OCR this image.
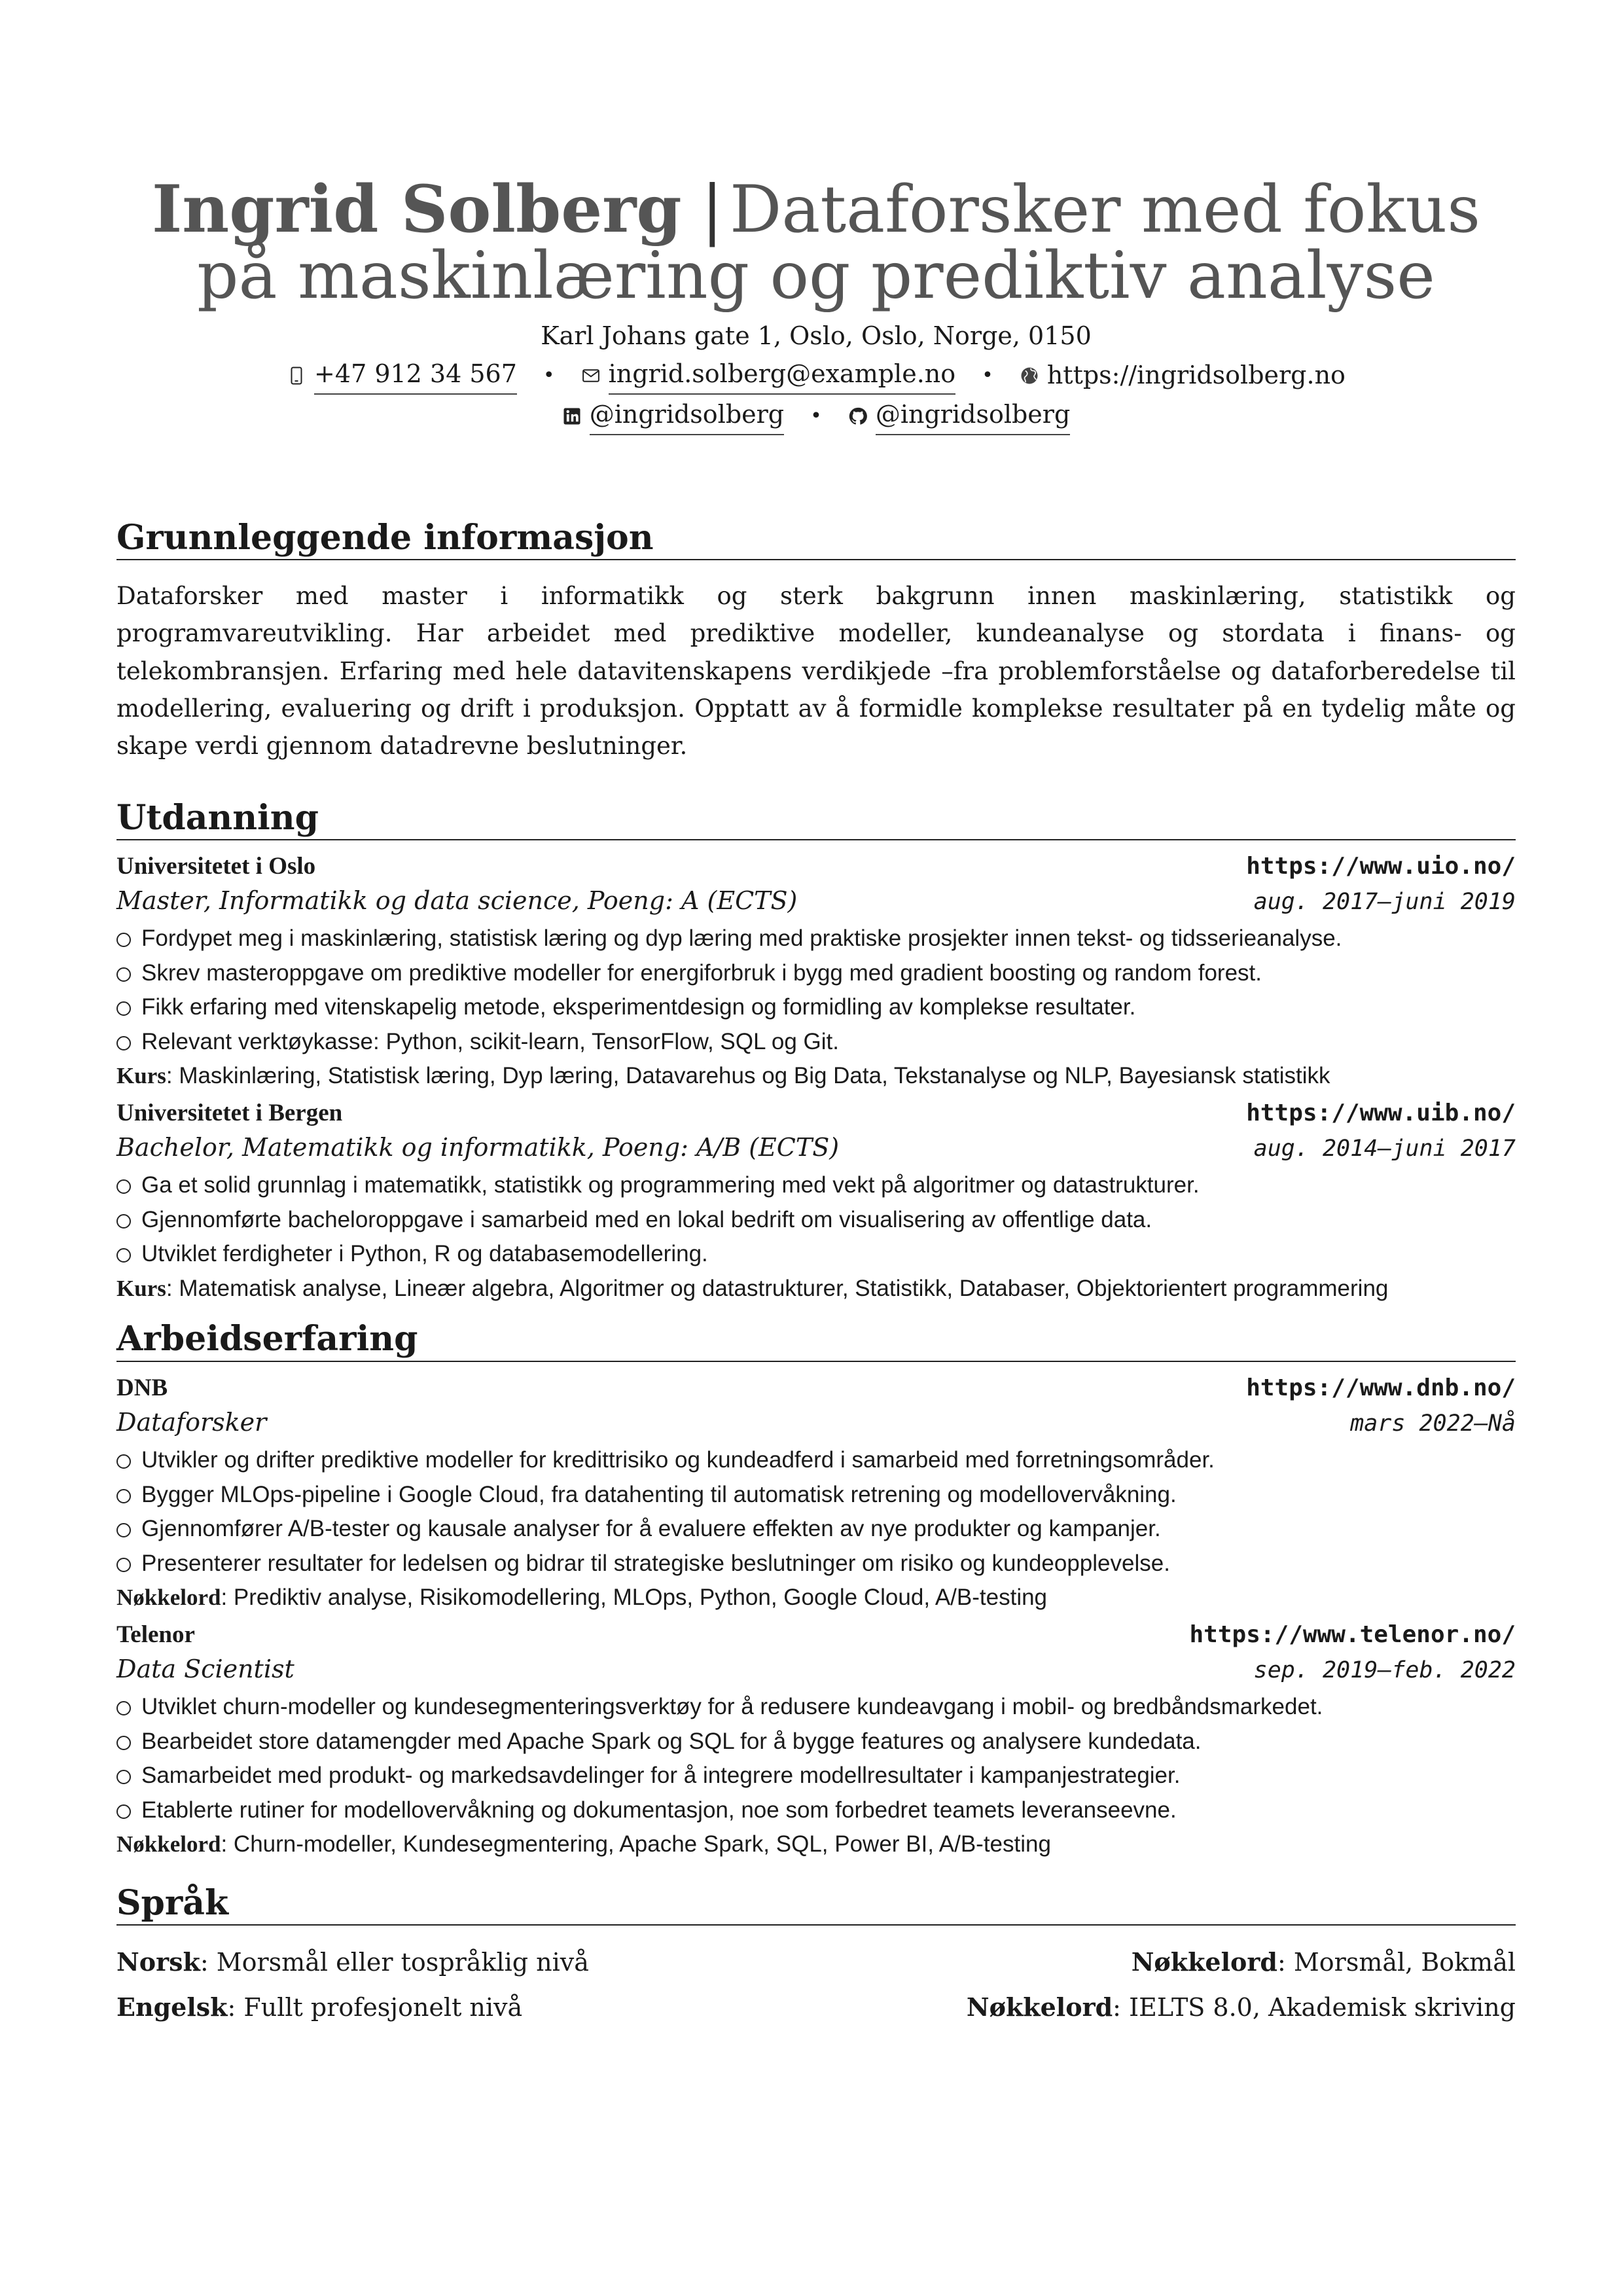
Ingrid Solberg | Dataforsker med fokus
på maskinlæring og prediktiv analyse
Karl Johans gate 1, Oslo, Oslo, Norge, 0150
+47 912 34 567 • ingrid.solberg@example.no • https://ingridsolberg.no
@ingridsolberg • @ingridsolberg
Grunnleggende informasjon

Dataforsker med master i informatikk og sterk bakgrunn innen maskinlæring, statistikk og programvareutvikling. Har arbeidet med prediktive modeller, kundeanalyse og stordata i finans- og telekombransjen. Erfaring med hele datavitenskapens verdikjede –fra problemforståelse og dataforberedelse til modellering, evaluering og drift i produksjon. Opptatt av å formidle komplekse resultater på en tydelig måte og skape verdi gjennom datadrevne beslutninger.

Utdanning
Universitetet i Oslo	https://www.uio.no/
Master, Informatikk og data science, Poeng: A (ECTS)	aug. 2017–juni 2019
Fordypet meg i maskinlæring, statistisk læring og dyp læring med praktiske prosjekter innen tekst- og tidsserieanalyse.
Skrev masteroppgave om prediktive modeller for energiforbruk i bygg med gradient boosting og random forest.
Fikk erfaring med vitenskapelig metode, eksperimentdesign og formidling av komplekse resultater.
Relevant verktøykasse: Python, scikit-learn, TensorFlow, SQL og Git.
Kurs: Maskinlæring, Statistisk læring, Dyp læring, Datavarehus og Big Data, Tekstanalyse og NLP, Bayesiansk statistikk
Universitetet i Bergen	https://www.uib.no/
Bachelor, Matematikk og informatikk, Poeng: A/B (ECTS)	aug. 2014–juni 2017
Ga et solid grunnlag i matematikk, statistikk og programmering med vekt på algoritmer og datastrukturer.
Gjennomførte bacheloroppgave i samarbeid med en lokal bedrift om visualisering av offentlige data.
Utviklet ferdigheter i Python, R og databasemodellering.
Kurs: Matematisk analyse, Lineær algebra, Algoritmer og datastrukturer, Statistikk, Databaser, Objektorientert programmering
Arbeidserfaring
DNB	https://www.dnb.no/
Dataforsker	mars 2022–Nå
Utvikler og drifter prediktive modeller for kredittrisiko og kundeadferd i samarbeid med forretningsområder.
Bygger MLOps-pipeline i Google Cloud, fra datahenting til automatisk retrening og modellovervåkning.
Gjennomfører A/B-tester og kausale analyser for å evaluere effekten av nye produkter og kampanjer.
Presenterer resultater for ledelsen og bidrar til strategiske beslutninger om risiko og kundeopplevelse.
Nøkkelord: Prediktiv analyse, Risikomodellering, MLOps, Python, Google Cloud, A/B-testing
Telenor	https://www.telenor.no/
Data Scientist	sep. 2019–feb. 2022
Utviklet churn-modeller og kundesegmenteringsverktøy for å redusere kundeavgang i mobil- og bredbåndsmarkedet.
Bearbeidet store datamengder med Apache Spark og SQL for å bygge features og analysere kundedata.
Samarbeidet med produkt- og markedsavdelinger for å integrere modellresultater i kampanjestrategier.
Etablerte rutiner for modellovervåkning og dokumentasjon, noe som forbedret teamets leveranseevne.
Nøkkelord: Churn-modeller, Kundesegmentering, Apache Spark, SQL, Power BI, A/B-testing
Språk
Norsk: Morsmål eller tospråklig nivå	Nøkkelord: Morsmål, Bokmål
Engelsk: Fullt profesjonelt nivå	Nøkkelord: IELTS 8.0, Akademisk skriving
